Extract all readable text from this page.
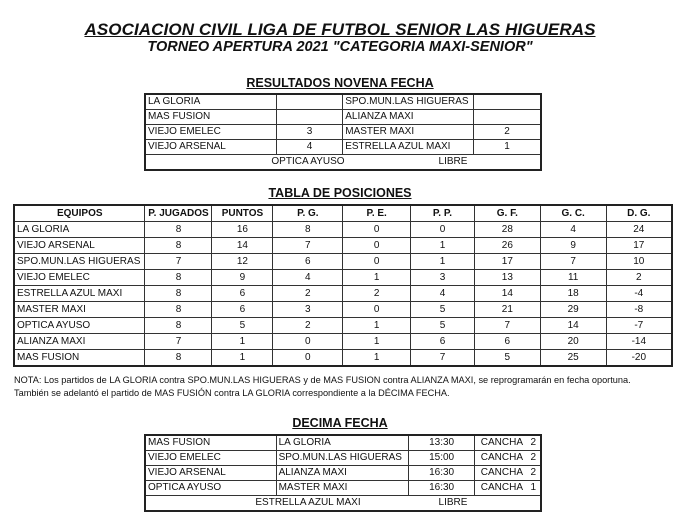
ASOCIACION CIVIL LIGA DE FUTBOL SENIOR LAS HIGUERAS
TORNEO APERTURA 2021 "CATEGORIA MAXI-SENIOR"
RESULTADOS NOVENA FECHA
LA GLORIA		SPO.MUN.LAS HIGUERAS	
MAS FUSION		ALIANZA MAXI	
VIEJO EMELEC	3	MASTER MAXI	2
VIEJO ARSENAL	4	ESTRELLA AZUL MAXI	1
OPTICA AYUSO LIBRE			
TABLA DE POSICIONES
EQUIPOS	P. JUGADOS	PUNTOS	P. G.	P. E.	P. P.	G. F.	G. C.	D. G.
LA GLORIA	8	16	8	0	0	28	4	24
VIEJO ARSENAL	8	14	7	0	1	26	9	17
SPO.MUN.LAS HIGUERAS	7	12	6	0	1	17	7	10
VIEJO EMELEC	8	9	4	1	3	13	11	2
ESTRELLA AZUL MAXI	8	6	2	2	4	14	18	-4
MASTER MAXI	8	6	3	0	5	21	29	-8
OPTICA AYUSO	8	5	2	1	5	7	14	-7
ALIANZA MAXI	7	1	0	1	6	6	20	-14
MAS FUSION	8	1	0	1	7	5	25	-20

NOTA: Los partidos de LA GLORIA contra SPO.MUN.LAS HIGUERAS y de MAS FUSION contra ALIANZA MAXI, se reprogramarán en fecha oportuna.
También se adelantó el partido de MAS FUSIÓN contra LA GLORIA correspondiente a la DÉCIMA FECHA.

DECIMA FECHA
MAS FUSION	LA GLORIA	13:30	CANCHA 2

VIEJO EMELEC	SPO.MUN.LAS HIGUERAS	15:00	CANCHA 2

VIEJO ARSENAL	ALIANZA MAXI	16:30	CANCHA 2

OPTICA AYUSO	MASTER MAXI	16:30	CANCHA 1

ESTRELLA AZUL MAXI LIBRE			
